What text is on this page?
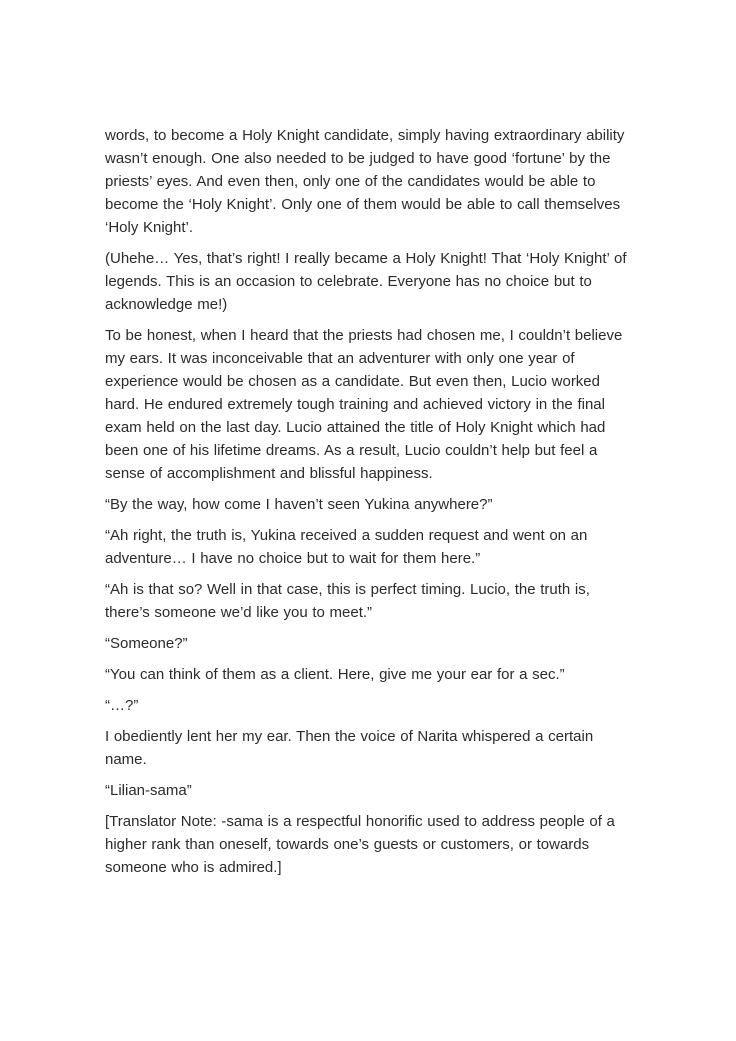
words, to become a Holy Knight candidate, simply having extraordinary ability wasn’t enough. One also needed to be judged to have good ‘fortune’ by the priests’ eyes. And even then, only one of the candidates would be able to become the ‘Holy Knight’. Only one of them would be able to call themselves ‘Holy Knight’.

(Uhehe… Yes, that’s right! I really became a Holy Knight! That ‘Holy Knight’ of legends. This is an occasion to celebrate. Everyone has no choice but to acknowledge me!)

To be honest, when I heard that the priests had chosen me, I couldn’t believe my ears. It was inconceivable that an adventurer with only one year of experience would be chosen as a candidate. But even then, Lucio worked hard. He endured extremely tough training and achieved victory in the final exam held on the last day. Lucio attained the title of Holy Knight which had been one of his lifetime dreams. As a result, Lucio couldn’t help but feel a sense of accomplishment and blissful happiness.

“By the way, how come I haven’t seen Yukina anywhere?”

“Ah right, the truth is, Yukina received a sudden request and went on an adventure… I have no choice but to wait for them here.”

“Ah is that so? Well in that case, this is perfect timing. Lucio, the truth is, there’s someone we’d like you to meet.”

“Someone?”

“You can think of them as a client. Here, give me your ear for a sec.”

“…?”

I obediently lent her my ear. Then the voice of Narita whispered a certain name.

“Lilian-sama”

[Translator Note: -sama is a respectful honorific used to address people of a higher rank than oneself, towards one’s guests or customers, or towards someone who is admired.]
